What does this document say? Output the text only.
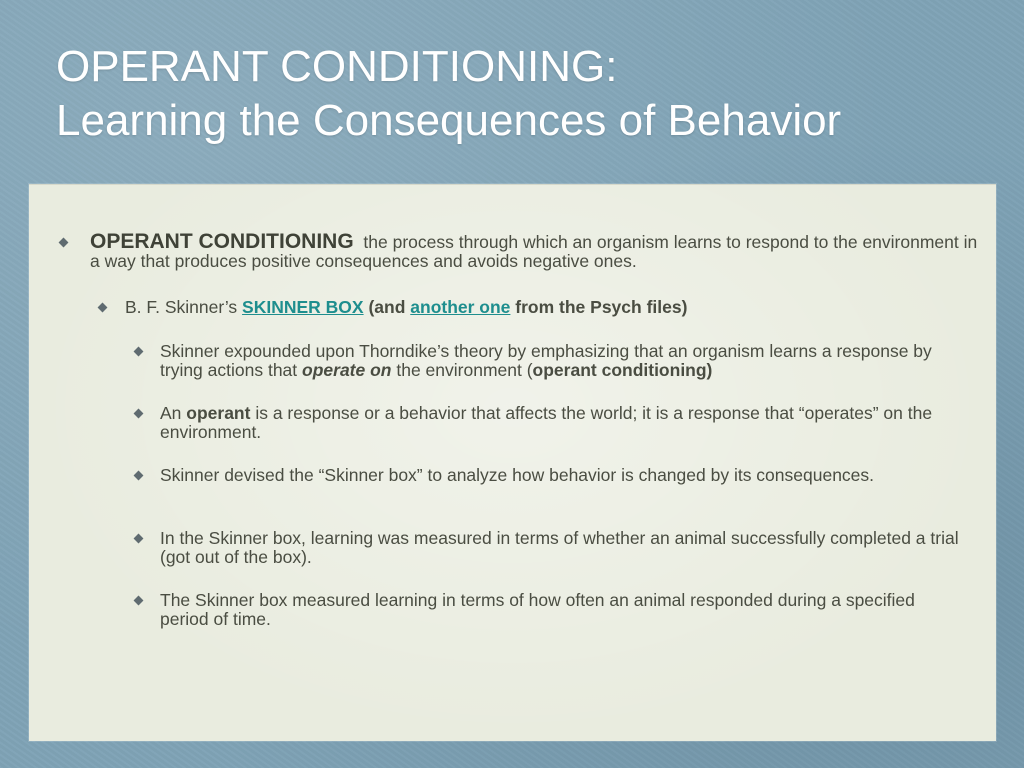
OPERANT CONDITIONING:
Learning the Consequences of Behavior
OPERANT CONDITIONING the process through which an organism learns to respond to the environment in a way that produces positive consequences and avoids negative ones.
B. F. Skinner’s SKINNER BOX (and another one from the Psych files)
Skinner expounded upon Thorndike’s theory by emphasizing that an organism learns a response by trying actions that operate on the environment (operant conditioning)
An operant is a response or a behavior that affects the world; it is a response that “operates” on the environment.
Skinner devised the “Skinner box” to analyze how behavior is changed by its consequences.
In the Skinner box, learning was measured in terms of whether an animal successfully completed a trial (got out of the box).
The Skinner box measured learning in terms of how often an animal responded during a specified period of time.
